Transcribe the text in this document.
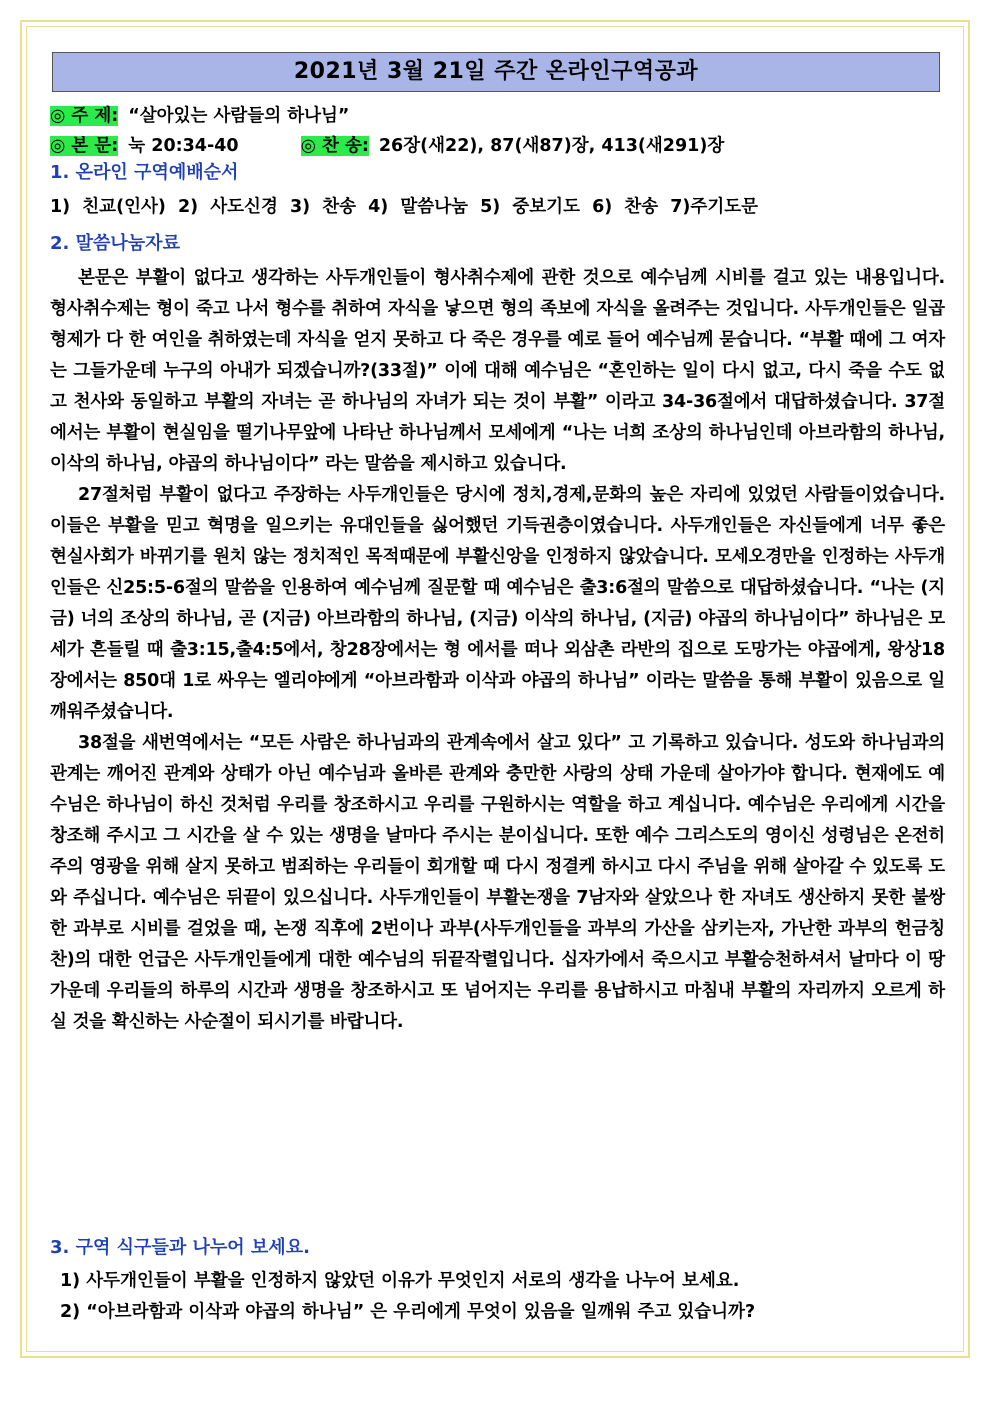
2021년 3월 21일 주간 온라인구역공과
◎ 주 제: “살아있는 사람들의 하나님”
◎ 본 문: 눅 20:34-40	◎ 찬 송: 26장(새22), 87(새87)장, 413(새291)장
1. 온라인 구역예배순서
1) 친교(인사) 2) 사도신경 3) 찬송 4) 말씀나눔 5) 중보기도 6) 찬송 7)주기도문
2. 말씀나눔자료

본문은 부활이 없다고 생각하는 사두개인들이 형사취수제에 관한 것으로 예수님께 시비를 걸고 있는 내용입니다. 형사취수제는 형이 죽고 나서 형수를 취하여 자식을 낳으면 형의 족보에 자식을 올려주는 것입니다. 사두개인들은 일곱 형제가 다 한 여인을 취하였는데 자식을 얻지 못하고 다 죽은 경우를 예로 들어 예수님께 묻습니다. “부활 때에 그 여자는 그들가운데 누구의 아내가 되겠습니까?(33절)” 이에 대해 예수님은 “혼인하는 일이 다시 없고, 다시 죽을 수도 없고 천사와 동일하고 부활의 자녀는 곧 하나님의 자녀가 되는 것이 부활” 이라고 34-36절에서 대답하셨습니다. 37절에서는 부활이 현실임을 떨기나무앞에 나타난 하나님께서 모세에게 “나는 너희 조상의 하나님인데 아브라함의 하나님, 이삭의 하나님, 야곱의 하나님이다” 라는 말씀을 제시하고 있습니다.

27절처럼 부활이 없다고 주장하는 사두개인들은 당시에 정치,경제,문화의 높은 자리에 있었던 사람들이었습니다. 이들은 부활을 믿고 혁명을 일으키는 유대인들을 싫어했던 기득권층이였습니다. 사두개인들은 자신들에게 너무 좋은 현실사회가 바뀌기를 원치 않는 정치적인 목적때문에 부활신앙을 인정하지 않았습니다. 모세오경만을 인정하는 사두개인들은 신25:5-6절의 말씀을 인용하여 예수님께 질문할 때 예수님은 출3:6절의 말씀으로 대답하셨습니다. “나는 (지금) 너의 조상의 하나님, 곧 (지금) 아브라함의 하나님, (지금) 이삭의 하나님, (지금) 야곱의 하나님이다” 하나님은 모세가 흔들릴 때 출3:15,출4:5에서, 창28장에서는 형 에서를 떠나 외삼촌 라반의 집으로 도망가는 야곱에게, 왕상18장에서는 850대 1로 싸우는 엘리야에게 “아브라함과 이삭과 야곱의 하나님” 이라는 말씀을 통해 부활이 있음으로 일깨워주셨습니다.

38절을 새번역에서는 “모든 사람은 하나님과의 관계속에서 살고 있다” 고 기록하고 있습니다. 성도와 하나님과의 관계는 깨어진 관계와 상태가 아닌 예수님과 올바른 관계와 충만한 사랑의 상태 가운데 살아가야 합니다. 현재에도 예수님은 하나님이 하신 것처럼 우리를 창조하시고 우리를 구원하시는 역할을 하고 계십니다. 예수님은 우리에게 시간을 창조해 주시고 그 시간을 살 수 있는 생명을 날마다 주시는 분이십니다. 또한 예수 그리스도의 영이신 성령님은 온전히 주의 영광을 위해 살지 못하고 범죄하는 우리들이 회개할 때 다시 정결케 하시고 다시 주님을 위해 살아갈 수 있도록 도와 주십니다. 예수님은 뒤끝이 있으십니다. 사두개인들이 부활논쟁을 7남자와 살았으나 한 자녀도 생산하지 못한 불쌍한 과부로 시비를 걸었을 때, 논쟁 직후에 2번이나 과부(사두개인들을 과부의 가산을 삼키는자, 가난한 과부의 헌금칭찬)의 대한 언급은 사두개인들에게 대한 예수님의 뒤끝작렬입니다. 십자가에서 죽으시고 부활승천하셔서 날마다 이 땅 가운데 우리들의 하루의 시간과 생명을 창조하시고 또 넘어지는 우리를 용납하시고 마침내 부활의 자리까지 오르게 하실 것을 확신하는 사순절이 되시기를 바랍니다.

3. 구역 식구들과 나누어 보세요.
1) 사두개인들이 부활을 인정하지 않았던 이유가 무엇인지 서로의 생각을 나누어 보세요.
2) “아브라함과 이삭과 야곱의 하나님” 은 우리에게 무엇이 있음을 일깨워 주고 있습니까?
